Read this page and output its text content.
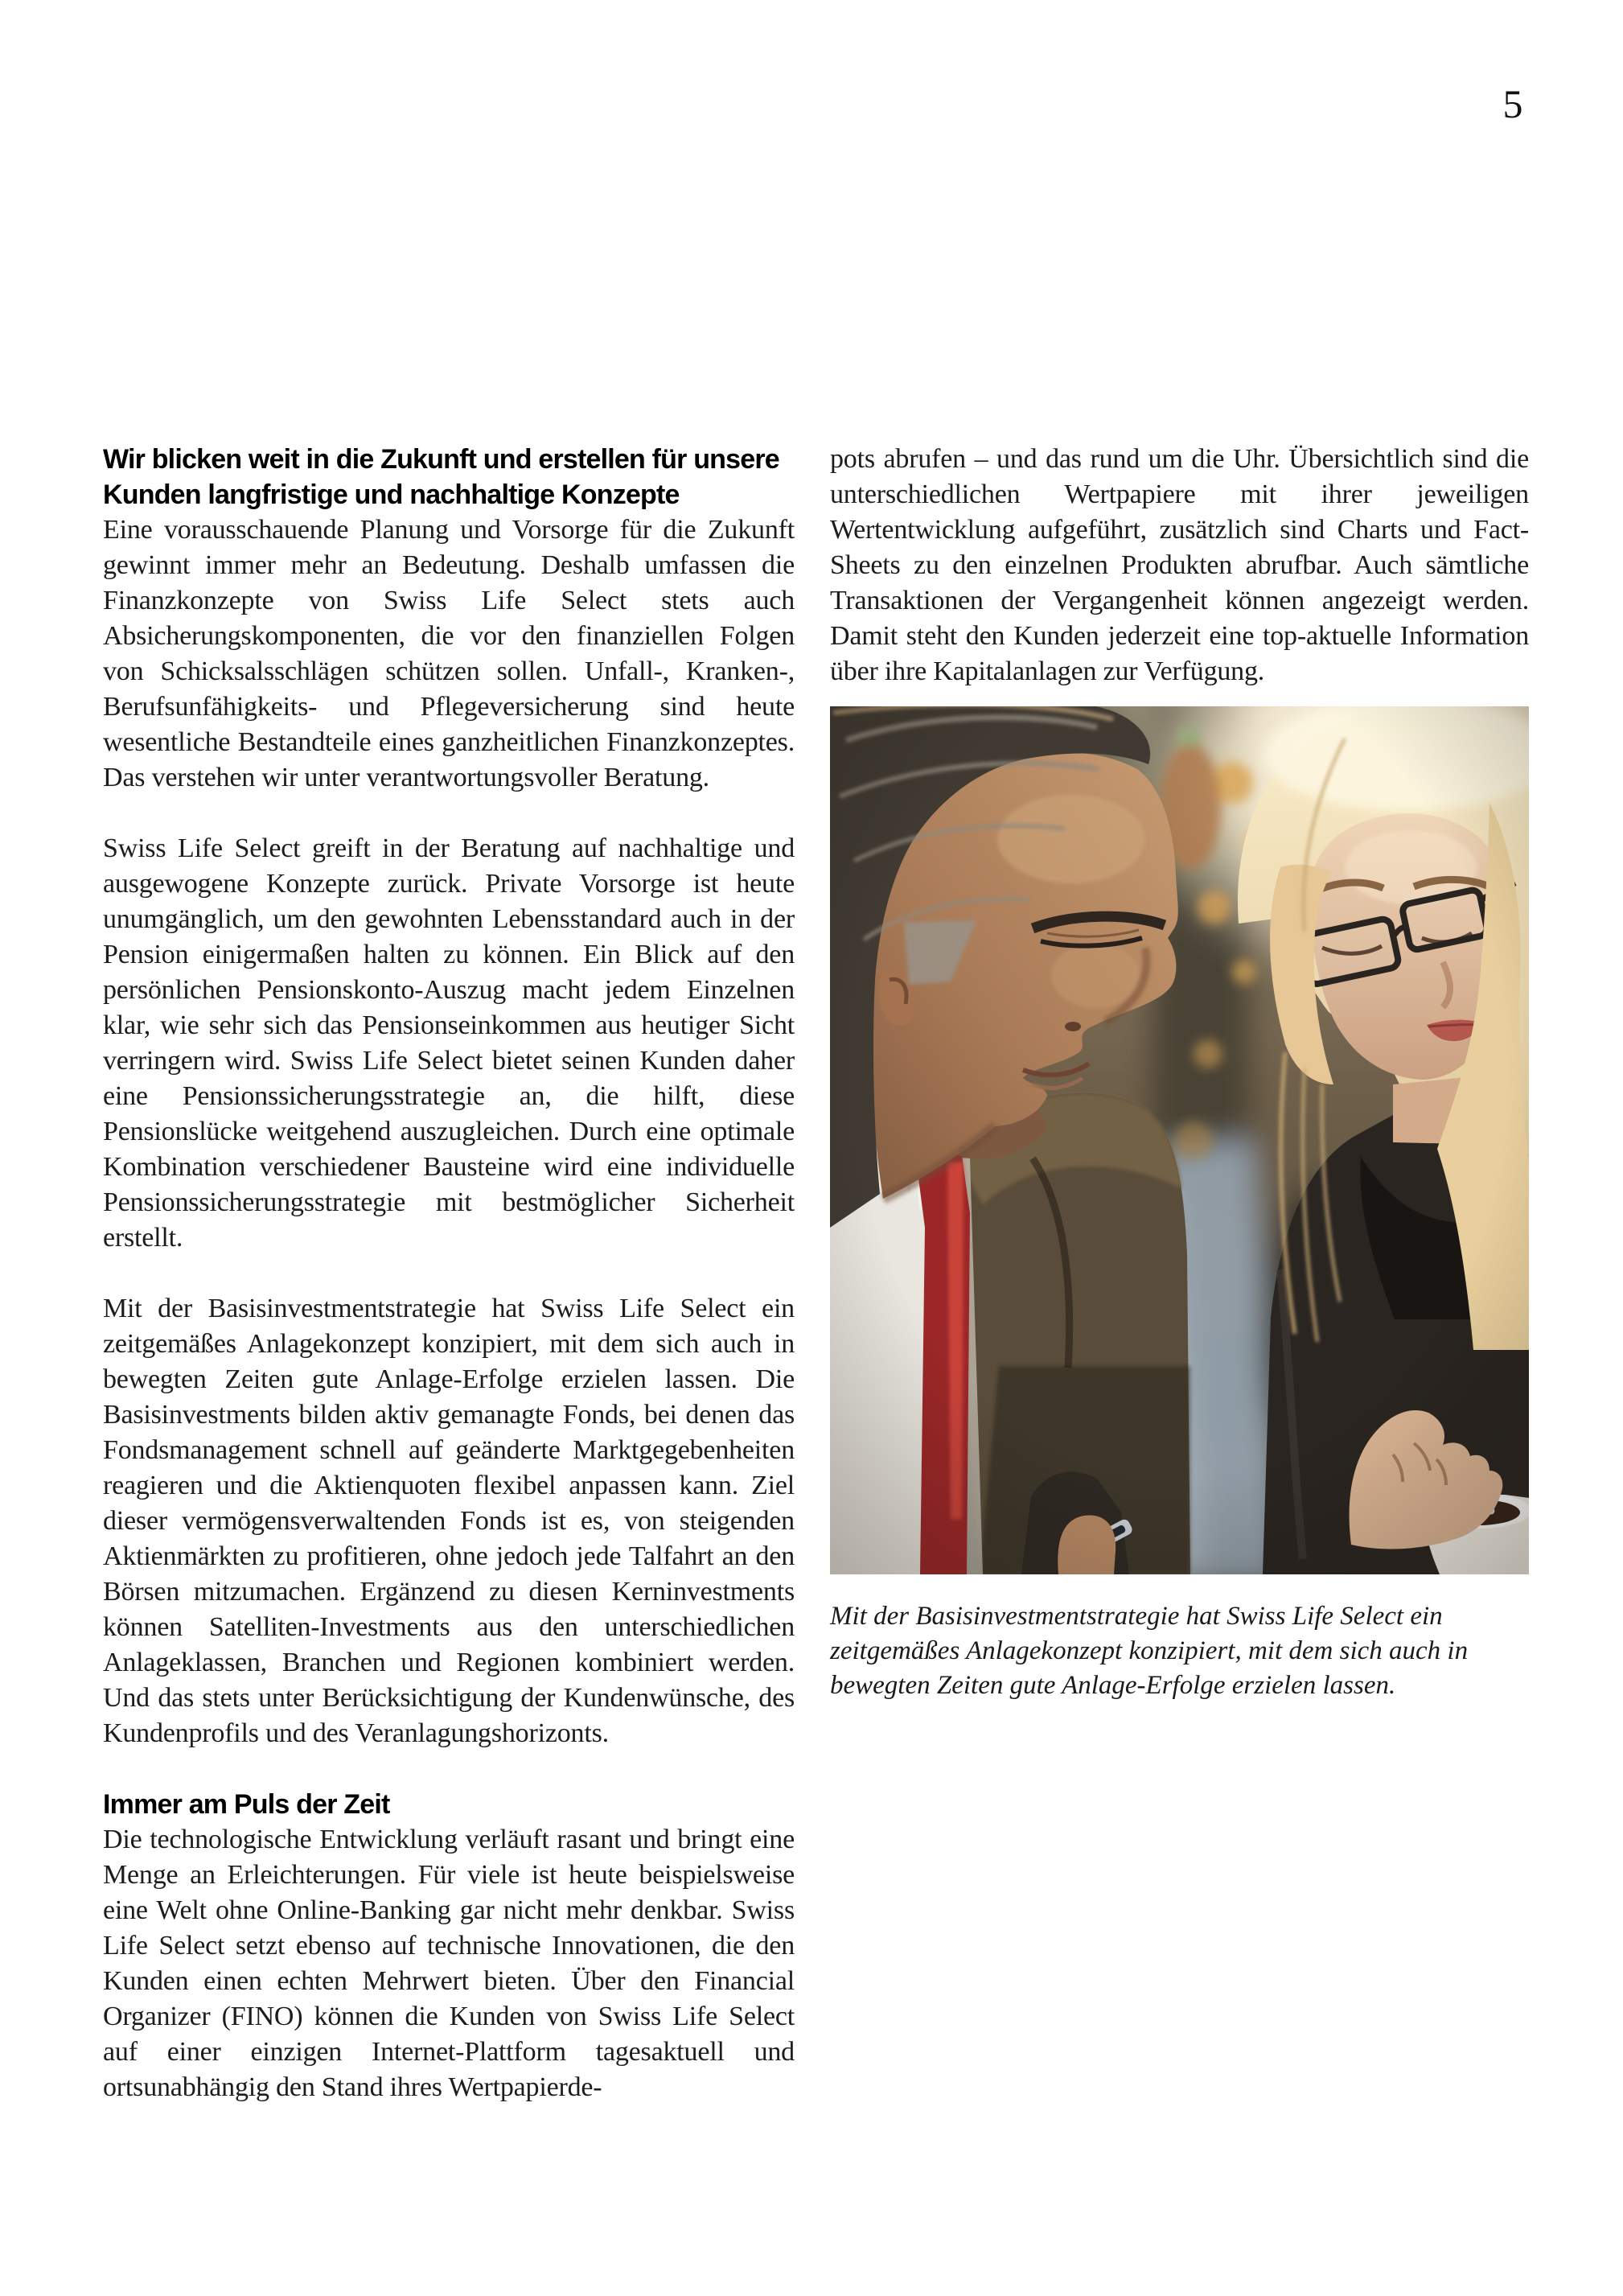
5
Wir blicken weit in die Zukunft und erstellen für unsere Kunden langfristige und nachhaltige Konzepte

Eine vorausschauende Planung und Vorsorge für die Zukunft gewinnt immer mehr an Bedeutung. Deshalb umfassen die Finanzkonzepte von Swiss Life Select stets auch Absicherungskomponenten, die vor den finanziellen Folgen von Schicksalsschlägen schützen sollen. Unfall-, Kranken-, Berufsunfähigkeits- und Pflegeversicherung sind heute wesentliche Bestandteile eines ganzheitlichen Finanzkonzeptes. Das verstehen wir unter verantwortungsvoller Beratung.

Swiss Life Select greift in der Beratung auf nachhaltige und ausgewogene Konzepte zurück. Private Vorsorge ist heute unumgänglich, um den gewohnten Lebensstandard auch in der Pension einigermaßen halten zu können. Ein Blick auf den persönlichen Pensionskonto-Auszug macht jedem Einzelnen klar, wie sehr sich das Pensionseinkommen aus heutiger Sicht verringern wird. Swiss Life Select bietet seinen Kunden daher eine Pensionssicherungsstrategie an, die hilft, diese Pensionslücke weitgehend auszugleichen. Durch eine optimale Kombination verschiedener Bausteine wird eine individuelle Pensionssicherungsstrategie mit bestmöglicher Sicherheit erstellt.

Mit der Basisinvestmentstrategie hat Swiss Life Select ein zeitgemäßes Anlagekonzept konzipiert, mit dem sich auch in bewegten Zeiten gute Anlage-Erfolge erzielen lassen. Die Basisinvestments bilden aktiv gemanagte Fonds, bei denen das Fondsmanagement schnell auf geänderte Marktgegebenheiten reagieren und die Aktienquoten flexibel anpassen kann. Ziel dieser vermögensverwaltenden Fonds ist es, von steigenden Aktienmärkten zu profitieren, ohne jedoch jede Talfahrt an den Börsen mitzumachen. Ergänzend zu diesen Kerninvestments können Satelliten-Investments aus den unterschiedlichen Anlageklassen, Branchen und Regionen kombiniert werden. Und das stets unter Berücksichtigung der Kundenwünsche, des Kundenprofils und des Veranlagungshorizonts.

Immer am Puls der Zeit

Die technologische Entwicklung verläuft rasant und bringt eine Menge an Erleichterungen. Für viele ist heute beispielsweise eine Welt ohne Online-Banking gar nicht mehr denkbar. Swiss Life Select setzt ebenso auf technische Innovationen, die den Kunden einen echten Mehrwert bieten. Über den Financial Organizer (FINO) können die Kunden von Swiss Life Select auf einer einzigen Internet-Plattform tagesaktuell und ortsunabhängig den Stand ihres Wertpapierde-

pots abrufen – und das rund um die Uhr. Übersichtlich sind die unterschiedlichen Wertpapiere mit ihrer jeweiligen Wertentwicklung aufgeführt, zusätzlich sind Charts und Fact-Sheets zu den einzelnen Produkten abrufbar. Auch sämtliche Transaktionen der Vergangenheit können angezeigt werden. Damit steht den Kunden jederzeit eine top-aktuelle Information über ihre Kapitalanlagen zur Verfügung.

Mit der Basisinvestmentstrategie hat Swiss Life Select ein zeitgemäßes Anlagekonzept konzipiert, mit dem sich auch in bewegten Zeiten gute Anlage-Erfolge erzielen lassen.
